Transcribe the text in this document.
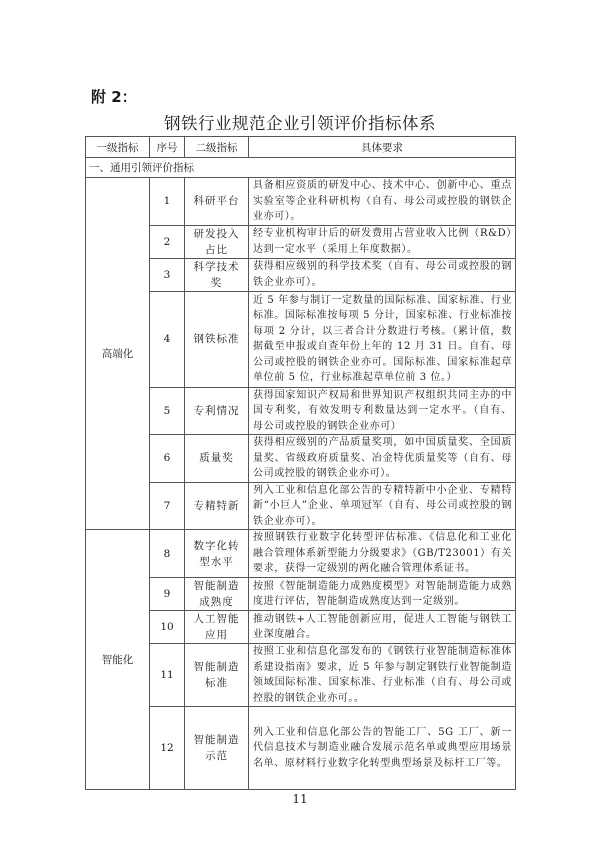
附 2：
钢铁行业规范企业引领评价指标体系
一级指标	序号	二级指标	具体要求
一、通用引领评价指标			
高端化	1	科研平台	具备相应资质的研发中心、技术中心、创新中心、重点实验室等企业科研机构（自有、母公司或控股的钢铁企业亦可）。
	2	研发投入占比	经专业机构审计后的研发费用占营业收入比例（R&D）达到一定水平（采用上年度数据）。
	3	科学技术奖	获得相应级别的科学技术奖（自有、母公司或控股的钢铁企业亦可）。
	4	钢铁标准	近 5 年参与制订一定数量的国际标准、国家标准、行业标准。国际标准按每项 5 分计，国家标准、行业标准按每项 2 分计，以三者合计分数进行考核。（累计值，数据截至申报或自查年份上年的 12 月 31 日。自有、母公司或控股的钢铁企业亦可。国际标准、国家标准起草单位前 5 位，行业标准起草单位前 3 位。）
	5	专利情况	获得国家知识产权局和世界知识产权组织共同主办的中国专利奖，有效发明专利数量达到一定水平。（自有、母公司或控股的钢铁企业亦可）
	6	质量奖	获得相应级别的产品质量奖项，如中国质量奖、全国质量奖、省级政府质量奖、冶金特优质量奖等（自有、母公司或控股的钢铁企业亦可）。
	7	专精特新	列入工业和信息化部公告的专精特新中小企业、专精特新“小巨人”企业、单项冠军（自有、母公司或控股的钢铁企业亦可）。
智能化	8	数字化转型水平	按照钢铁行业数字化转型评估标准、《信息化和工业化融合管理体系新型能力分级要求》（GB/T23001）有关要求，获得一定级别的两化融合管理体系证书。
	9	智能制造成熟度	按照《智能制造能力成熟度模型》对智能制造能力成熟度进行评估，智能制造成熟度达到一定级别。
	10	人工智能应用	推动钢铁+人工智能创新应用，促进人工智能与钢铁工业深度融合。
	11	智能制造标准	按照工业和信息化部发布的《钢铁行业智能制造标准体系建设指南》要求，近 5 年参与制定钢铁行业智能制造领域国际标准、国家标准、行业标准（自有、母公司或控股的钢铁企业亦可。。
	12	智能制造示范	列入工业和信息化部公告的智能工厂、5G 工厂、新一代信息技术与制造业融合发展示范名单或典型应用场景名单、原材料行业数字化转型典型场景及标杆工厂等。
11
